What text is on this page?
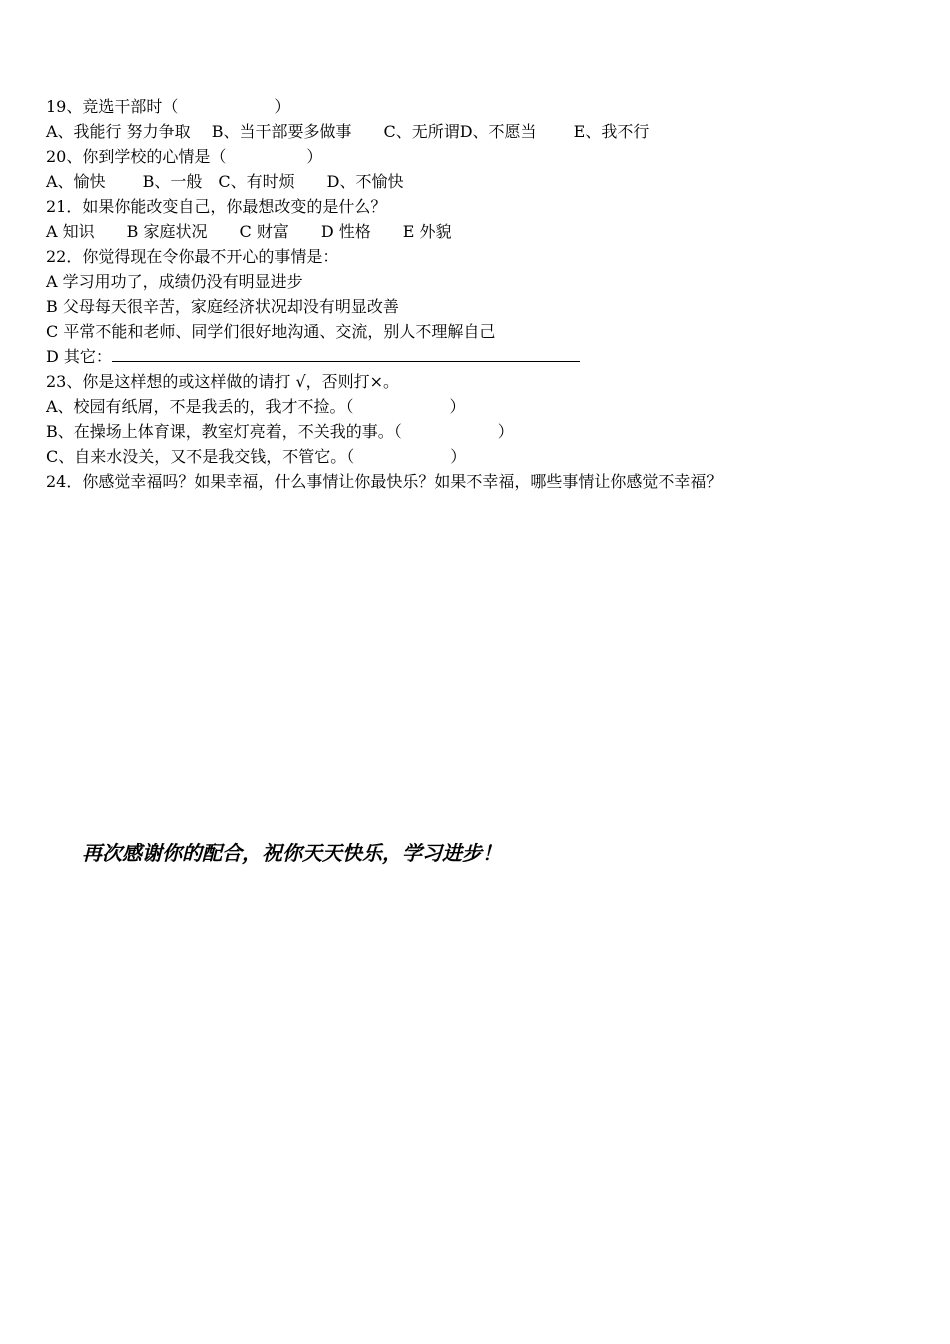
19、竞选干部时（　　　　　　）
A、我能行 努力争取　 B、当干部要多做事　　C、无所谓D、不愿当　　 E、我不行
20、你到学校的心情是（　　　　　）
A、愉快　　 B、一般　C、有时烦　　D、不愉快
21．如果你能改变自己，你最想改变的是什么？
A 知识　　B 家庭状况　　C 财富　　D 性格　　E 外貌
22．你觉得现在令你最不开心的事情是：
A 学习用功了，成绩仍没有明显进步
B 父母每天很辛苦，家庭经济状况却没有明显改善
C 平常不能和老师、同学们很好地沟通、交流，别人不理解自己
D 其它：
23、你是这样想的或这样做的请打 √，否则打×。
A、校园有纸屑，不是我丢的，我才不捡。（　　　　　　）
B、在操场上体育课，教室灯亮着，不关我的事。（　　　　　　）
C、自来水没关，又不是我交钱，不管它。（　　　　　　）
24．你感觉幸福吗？如果幸福，什么事情让你最快乐？如果不幸福，哪些事情让你感觉不幸福？
再次感谢你的配合，祝你天天快乐，学习进步！
